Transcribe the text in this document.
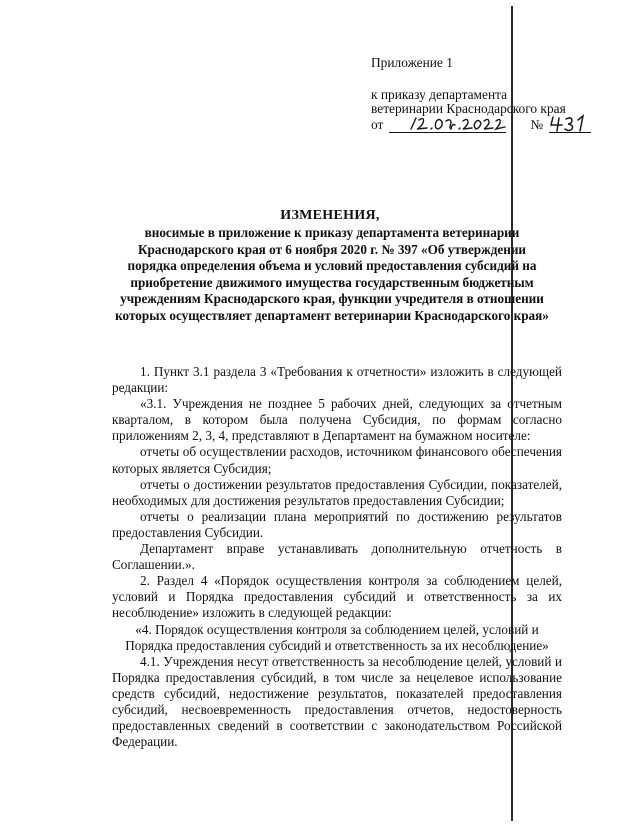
Приложение 1
к приказу департамента
ветеринарии Краснодарского края
от	№
ИЗМЕНЕНИЯ,
вносимые в приложение к приказу департамента ветеринарии Краснодарского края от 6 ноября 2020 г. № 397 «Об утверждении порядка определения объема и условий предоставления субсидий на приобретение движимого имущества государственным бюджетным учреждениям Краснодарского края, функции учредителя в отношении которых осуществляет департамент ветеринарии Краснодарского края»

1. Пункт 3.1 раздела 3 «Требования к отчетности» изложить в следующей редакции:

«3.1. Учреждения не позднее 5 рабочих дней, следующих за отчетным кварталом, в котором была получена Субсидия, по формам согласно приложениям 2, 3, 4, представляют в Департамент на бумажном носителе:

отчеты об осуществлении расходов, источником финансового обеспечения которых является Субсидия;

отчеты о достижении результатов предоставления Субсидии, показателей, необходимых для достижения результатов предоставления Субсидии;

отчеты о реализации плана мероприятий по достижению результатов предоставления Субсидии.

Департамент вправе устанавливать дополнительную отчетность в Соглашении.».

2. Раздел 4 «Порядок осуществления контроля за соблюдением целей, условий и Порядка предоставления субсидий и ответственность за их несоблюдение» изложить в следующей редакции:

«4. Порядок осуществления контроля за соблюдением целей, условий и Порядка предоставления субсидий и ответственность за их несоблюдение»

4.1. Учреждения несут ответственность за несоблюдение целей, условий и Порядка предоставления субсидий, в том числе за нецелевое использование средств субсидий, недостижение результатов, показателей предоставления субсидий, несвоевременность предоставления отчетов, недостоверность предоставленных сведений в соответствии с законодательством Российской Федерации.
